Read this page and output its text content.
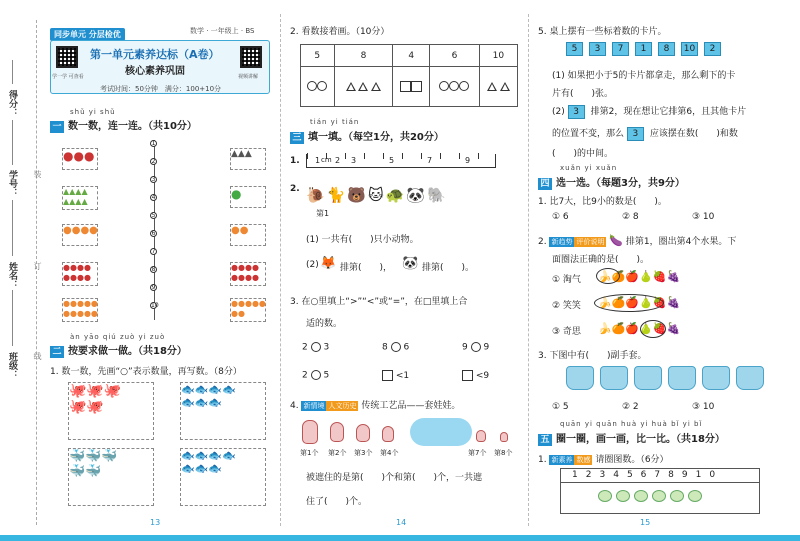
得分：
学号：
姓名：
班级：
装
订
线
同步单元 分层检优	数学 · 一年级上 · BS
学一学 可查看	视频讲解
第一单元素养达标（A卷）
核心素养巩固
考试时间：50分钟　满分：100+10分
shǔ yi shǔ
一 数一数，连一连。（共10分）
●●●
▲▲▲▲
▲▲▲▲
●●●●
●●●●
●●●●
●●●●●
●●●●●
1
2
3
4
5
6
7
8
9
10
▲▲▲
●
●●
●●●●
●●●●
●●●●●
●●
àn yāo qiú zuò yi zuò
二 按要求做一做。（共18分）
1. 数一数，先画“○”表示数量，再写数。（8分）
🐙🐙🐙
🐙🐙
🐟🐟🐟🐟
🐟🐟🐟
🐳🐳🐳
🐳🐳
🐟🐟🐟🐟
🐟🐟🐟
13
2. 看数接着画。（10分）
5	8	4	6	10

tián yi tián
三 填一填。（每空1分，共20分）
1. 1 cm 2 3	5	7	9
2. 🐌🐈🐻🐱🐢🐼🐘
第1
(1) 一共有(　　)只小动物。
(2) 🦊 排第(　　)， 🐼 排第(　　)。
3. 在○里填上“>”“<”或“=”，在□里填上合
适的数。
2 3	8 6	9 9
2 5	<1	<9
4. 新情境 人文历史 传统工艺品——套娃娃。
第1个 第2个 第3个 第4个	第7个 第8个
被遮住的是第(　　)个和第(　　)个，一共遮
住了(　　)个。
14
5. 桌上摆有一些标着数的卡片。
5 3 7 1 8 10 2
(1) 如果把小于5的卡片都拿走，那么剩下的卡
片有(　　)张。
(2) 3 排第2，现在想让它排第6，且其他卡片
的位置不变，那么 3 应该摆在数(　　)和数
(　　)的中间。
xuǎn yi xuǎn
四 选一选。（每题3分，共9分）
1. 比7大，比9小的数是(　　)。
① 6	② 8	③ 10
2. 新趋势 评价说明 🍆 排第1，圈出第4个水果。下
面圈法正确的是(　　)。
① 淘气 🍌🍊🍎🍐🍓🍇
② 笑笑 🍌🍊🍎🍐🍓🍇
③ 奇思 🍌🍊🍎🍐🍓🍇
3. 下图中有(　　)副手套。
① 5	② 2	③ 10
quān yi quān huà yi huà bǐ yi bǐ
五 圈一圈，画一画，比一比。（共18分）
1. 新素养 数感 请圈图数。（6分）
12345678910
15
